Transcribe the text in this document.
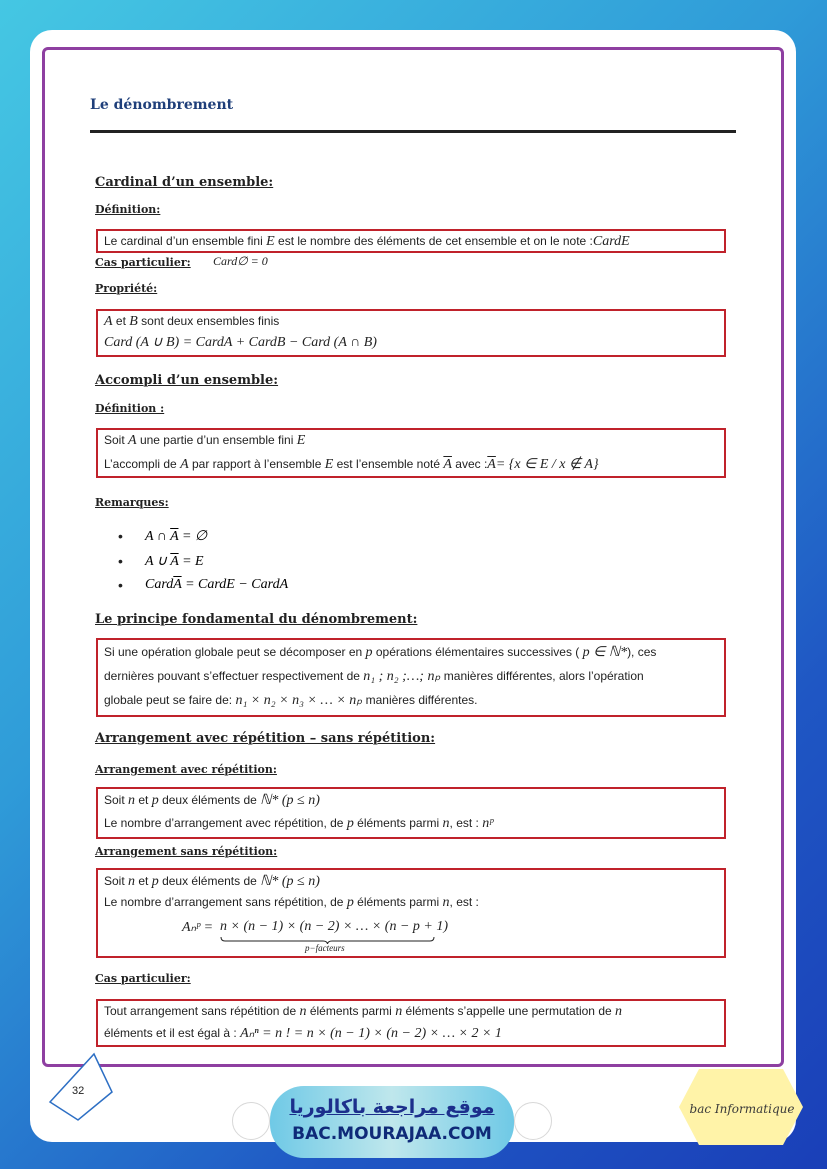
Le dénombrement
Cardinal d’un ensemble:
Définition:
Le cardinal d’un ensemble fini E est le nombre des éléments de cet ensemble et on le note :CardE
Cas particulier: Card∅ = 0
Propriété:
A et B sont deux ensembles finis
Card (A ∪ B) = CardA + CardB − Card (A ∩ B)
Accompli d’un ensemble:
Définition :
Soit A une partie d’un ensemble fini E
L’accompli de A par rapport à l’ensemble E est l’ensemble noté $\overline{A}$ avec $:\overline{A}= \{x$ ∈ E / x ∉ A}
Remarques:
• A ∩ $\overline{A}$ = ∅
• A ∪ $\overline{A} = E$
• $Card\overline{A}$ = CardE − CardA
Le principe fondamental du dénombrement:
Si une opération globale peut se décomposer en p opérations élémentaires successives ( p ∈ ℕ*), ces
dernières pouvant s’effectuer respectivement de n₁ ; n₂ ;…; nₚ manières différentes, alors l’opération
globale peut se faire de: n₁ × n₂ × n₃ × … × nₚ manières différentes.
Arrangement avec répétition – sans répétition:
Arrangement avec répétition:
Soit n et p deux éléments de ℕ* (p ≤ n)
Le nombre d’arrangement avec répétition, de p éléments parmi n, est : nᵖ
Arrangement sans répétition:
Soit n et p deux éléments de ℕ* (p ≤ n)
Le nombre d’arrangement sans répétition, de p éléments parmi n, est :
Aₙᵖ = n × (n − 1) × (n − 2) × … × (n − p + 1)
p−facteurs
Cas particulier:
Tout arrangement sans répétition de n éléments parmi n éléments s’appelle une permutation de n
éléments et il est égal à : Aₙⁿ = n ! = n × (n − 1) × (n − 2) × … × 2 × 1
32
موقع مراجعة باكالوريا
BAC.MOURAJAA.COM
bac Informatique
